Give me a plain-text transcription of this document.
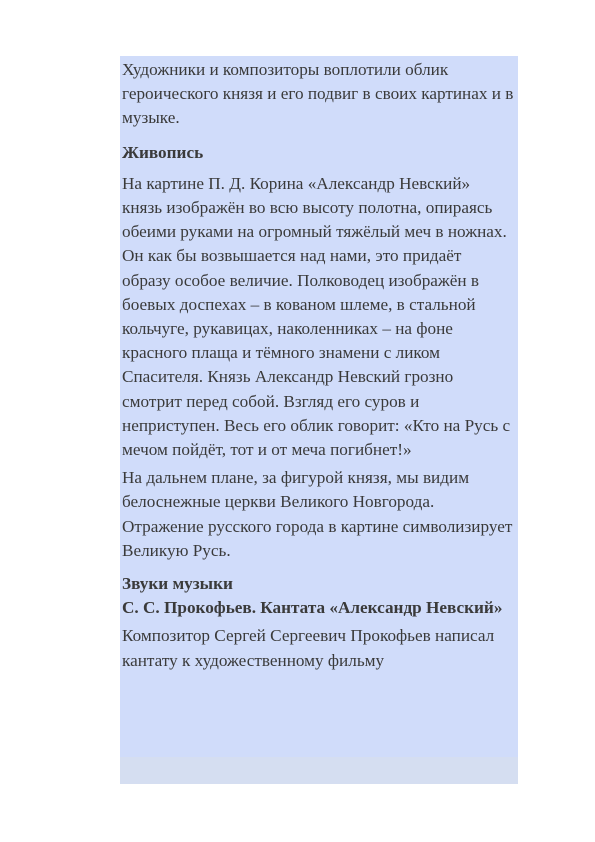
Художники и композиторы воплотили облик героического князя и его подвиг в своих картинах и в музыке.

Живопись

На картине П. Д. Корина «Александр Невский» князь изображён во всю высоту полотна, опираясь обеими руками на огромный тяжёлый меч в ножнах. Он как бы возвышается над нами, это придаёт образу особое величие. Полководец изображён в боевых доспехах – в кованом шлеме, в стальной кольчуге, рукавицах, наколенниках – на фоне красного плаща и тёмного знамени с ликом Спасителя. Князь Александр Невский грозно смотрит перед собой. Взгляд его суров и неприступен. Весь его облик говорит: «Кто на Русь с мечом пойдёт, тот и от меча погибнет!»

На дальнем плане, за фигурой князя, мы видим белоснежные церкви Великого Новгорода. Отражение русского города в картине символизирует Великую Русь.

Звуки музыки
С. С. Прокофьев. Кантата «Александр Невский»

Композитор Сергей Сергеевич Прокофьев написал кантату к художественному фильму
